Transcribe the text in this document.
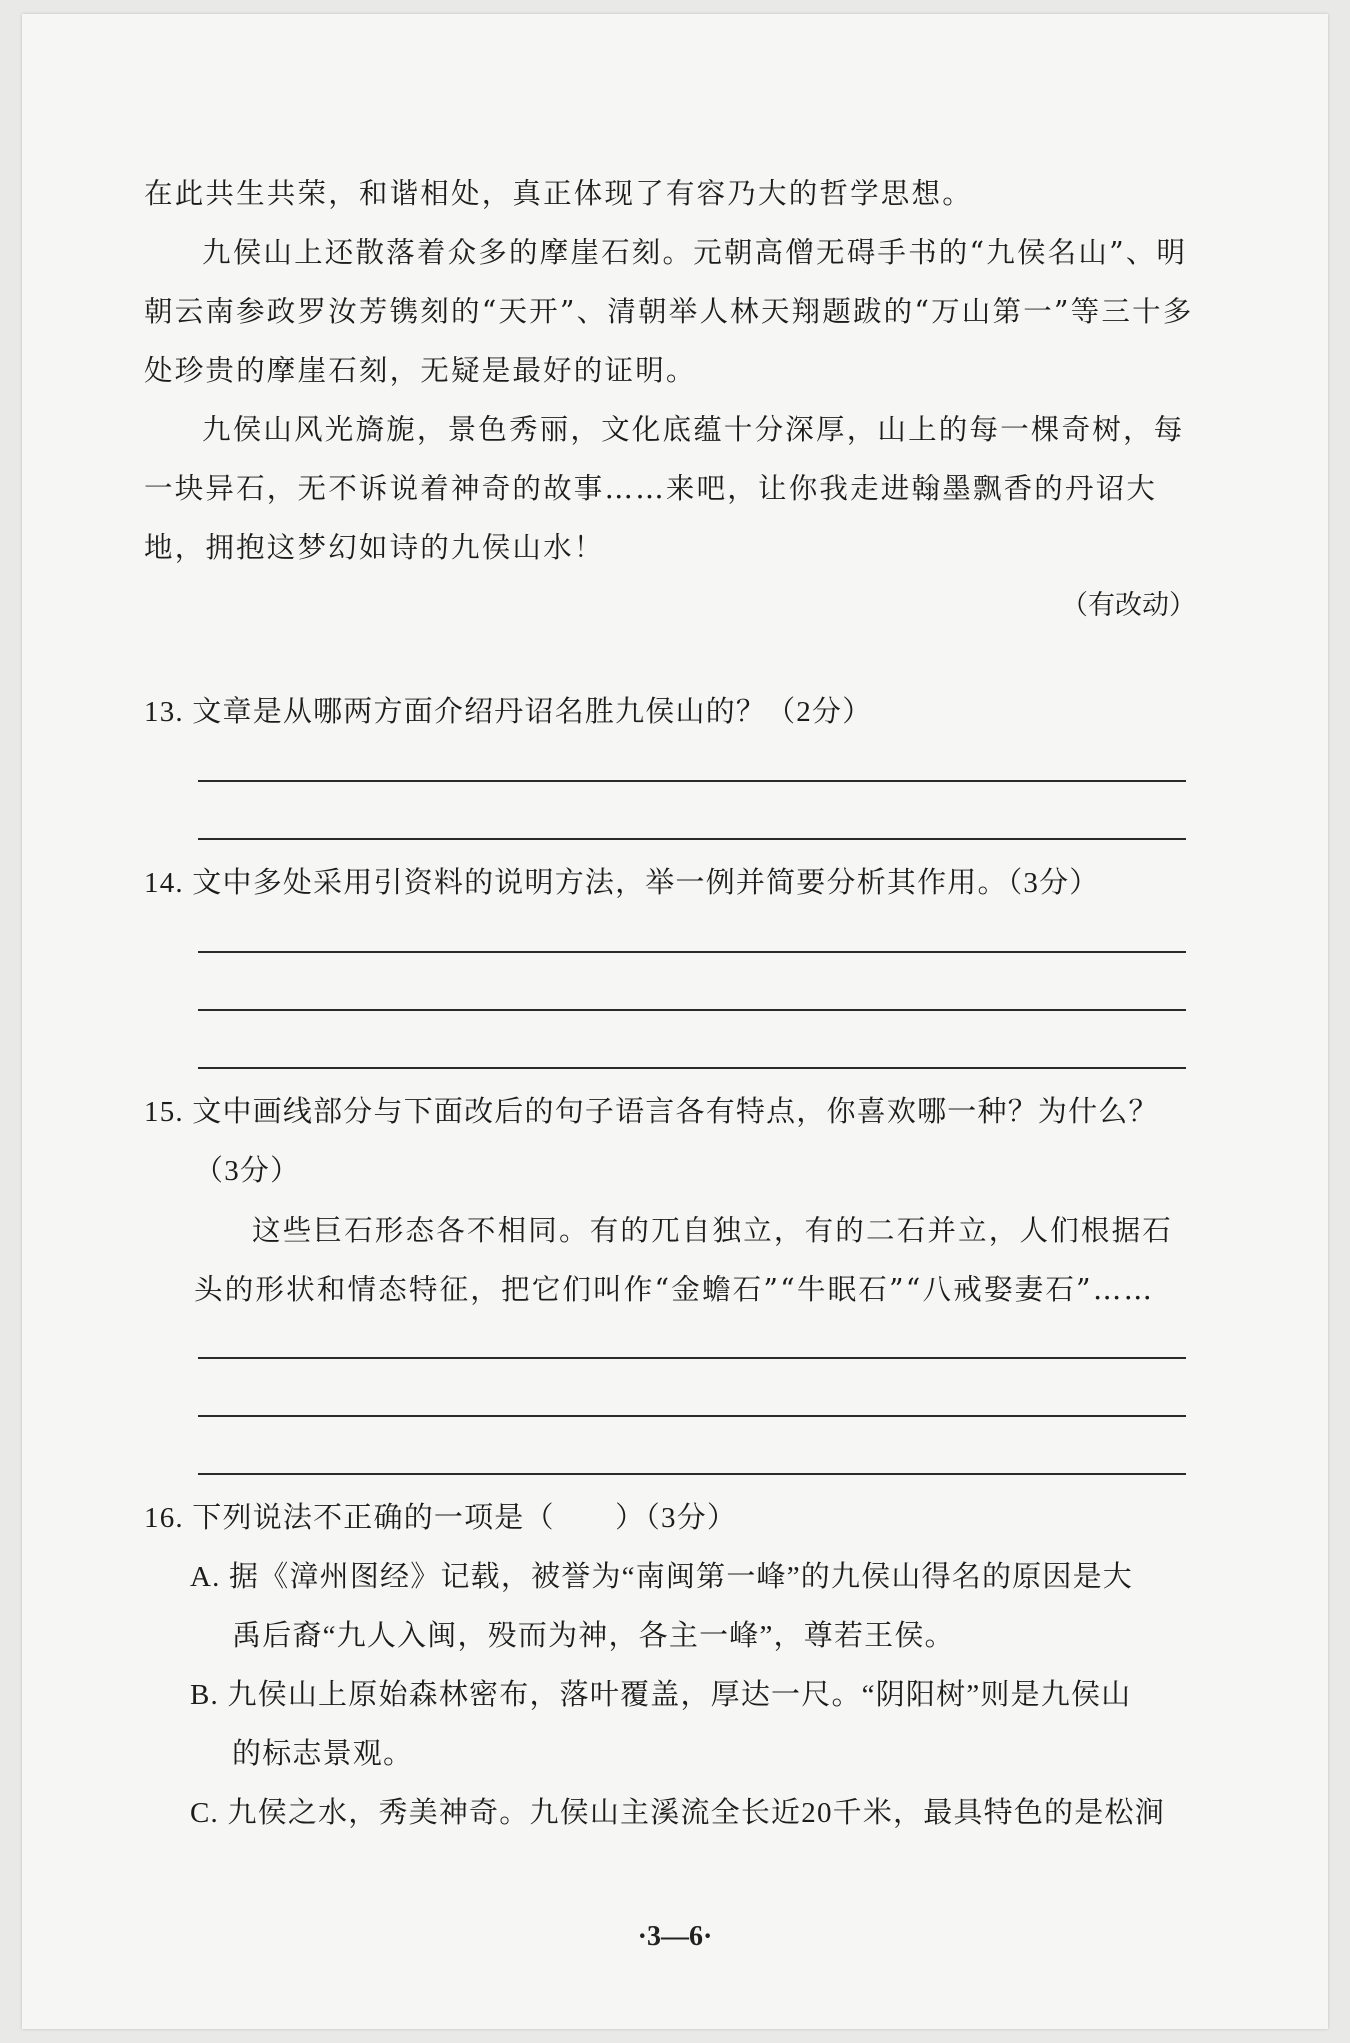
在此共生共荣，和谐相处，真正体现了有容乃大的哲学思想。

九侯山上还散落着众多的摩崖石刻。元朝高僧无碍手书的“九侯名山”、明朝云南参政罗汝芳镌刻的“天开”、清朝举人林天翔题跋的“万山第一”等三十多处珍贵的摩崖石刻，无疑是最好的证明。

九侯山风光旖旎，景色秀丽，文化底蕴十分深厚，山上的每一棵奇树，每一块异石，无不诉说着神奇的故事……来吧，让你我走进翰墨飘香的丹诏大地，拥抱这梦幻如诗的九侯山水！

（有改动）

13. 文章是从哪两方面介绍丹诏名胜九侯山的？（2分）

14. 文中多处采用引资料的说明方法，举一例并简要分析其作用。（3分）

15. 文中画线部分与下面改后的句子语言各有特点，你喜欢哪一种？为什么？

（3分）

这些巨石形态各不相同。有的兀自独立，有的二石并立，人们根据石头的形状和情态特征，把它们叫作“金蟾石”“牛眠石”“八戒娶妻石”……

16. 下列说法不正确的一项是（　　）（3分）

A. 据《漳州图经》记载，被誉为“南闽第一峰”的九侯山得名的原因是大

禹后裔“九人入闽，殁而为神，各主一峰”，尊若王侯。

B. 九侯山上原始森林密布，落叶覆盖，厚达一尺。“阴阳树”则是九侯山

的标志景观。

C. 九侯之水，秀美神奇。九侯山主溪流全长近20千米，最具特色的是松涧

·3—6·
